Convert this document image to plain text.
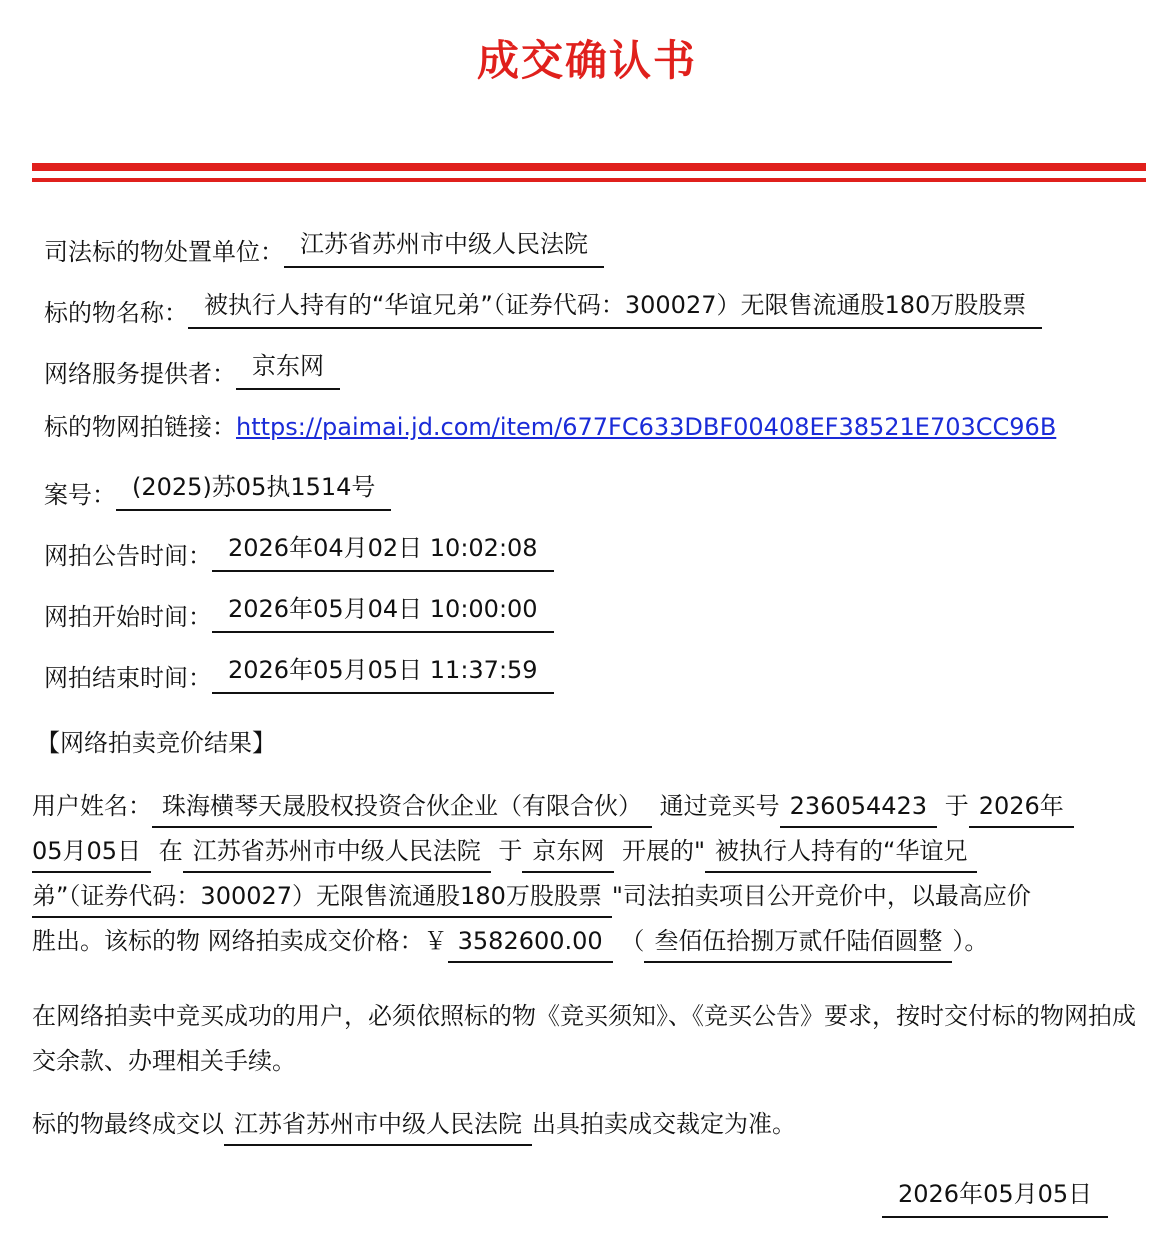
成交确认书
司法标的物处置单位： 江苏省苏州市中级人民法院
标的物名称： 被执行人持有的“华谊兄弟”（证券代码：300027）无限售流通股180万股股票
网络服务提供者： 京东网
标的物网拍链接：https://paimai.jd.com/item/677FC633DBF00408EF38521E703CC96B
案号： (2025)苏05执1514号
网拍公告时间： 2026年04月02日 10:02:08
网拍开始时间： 2026年05月04日 10:00:00
网拍结束时间： 2026年05月05日 11:37:59
【网络拍卖竞价结果】
用户姓名： 珠海横琴天晟股权投资合伙企业（有限合伙） 通过竞买号 236054423 于 2026年
05月05日 在 江苏省苏州市中级人民法院 于 京东网 开展的" 被执行人持有的“华谊兄
弟”（证券代码：300027）无限售流通股180万股股票 "司法拍卖项目公开竞价中，以最高应价
胜出。该标的物 网络拍卖成交价格：￥ 3582600.00 （ 叁佰伍拾捌万贰仟陆佰圆整 ）。
在网络拍卖中竞买成功的用户，必须依照标的物《竞买须知》、《竞买公告》要求，按时交付标的物网拍成交余款、办理相关手续。
标的物最终成交以 江苏省苏州市中级人民法院 出具拍卖成交裁定为准。
2026年05月05日
